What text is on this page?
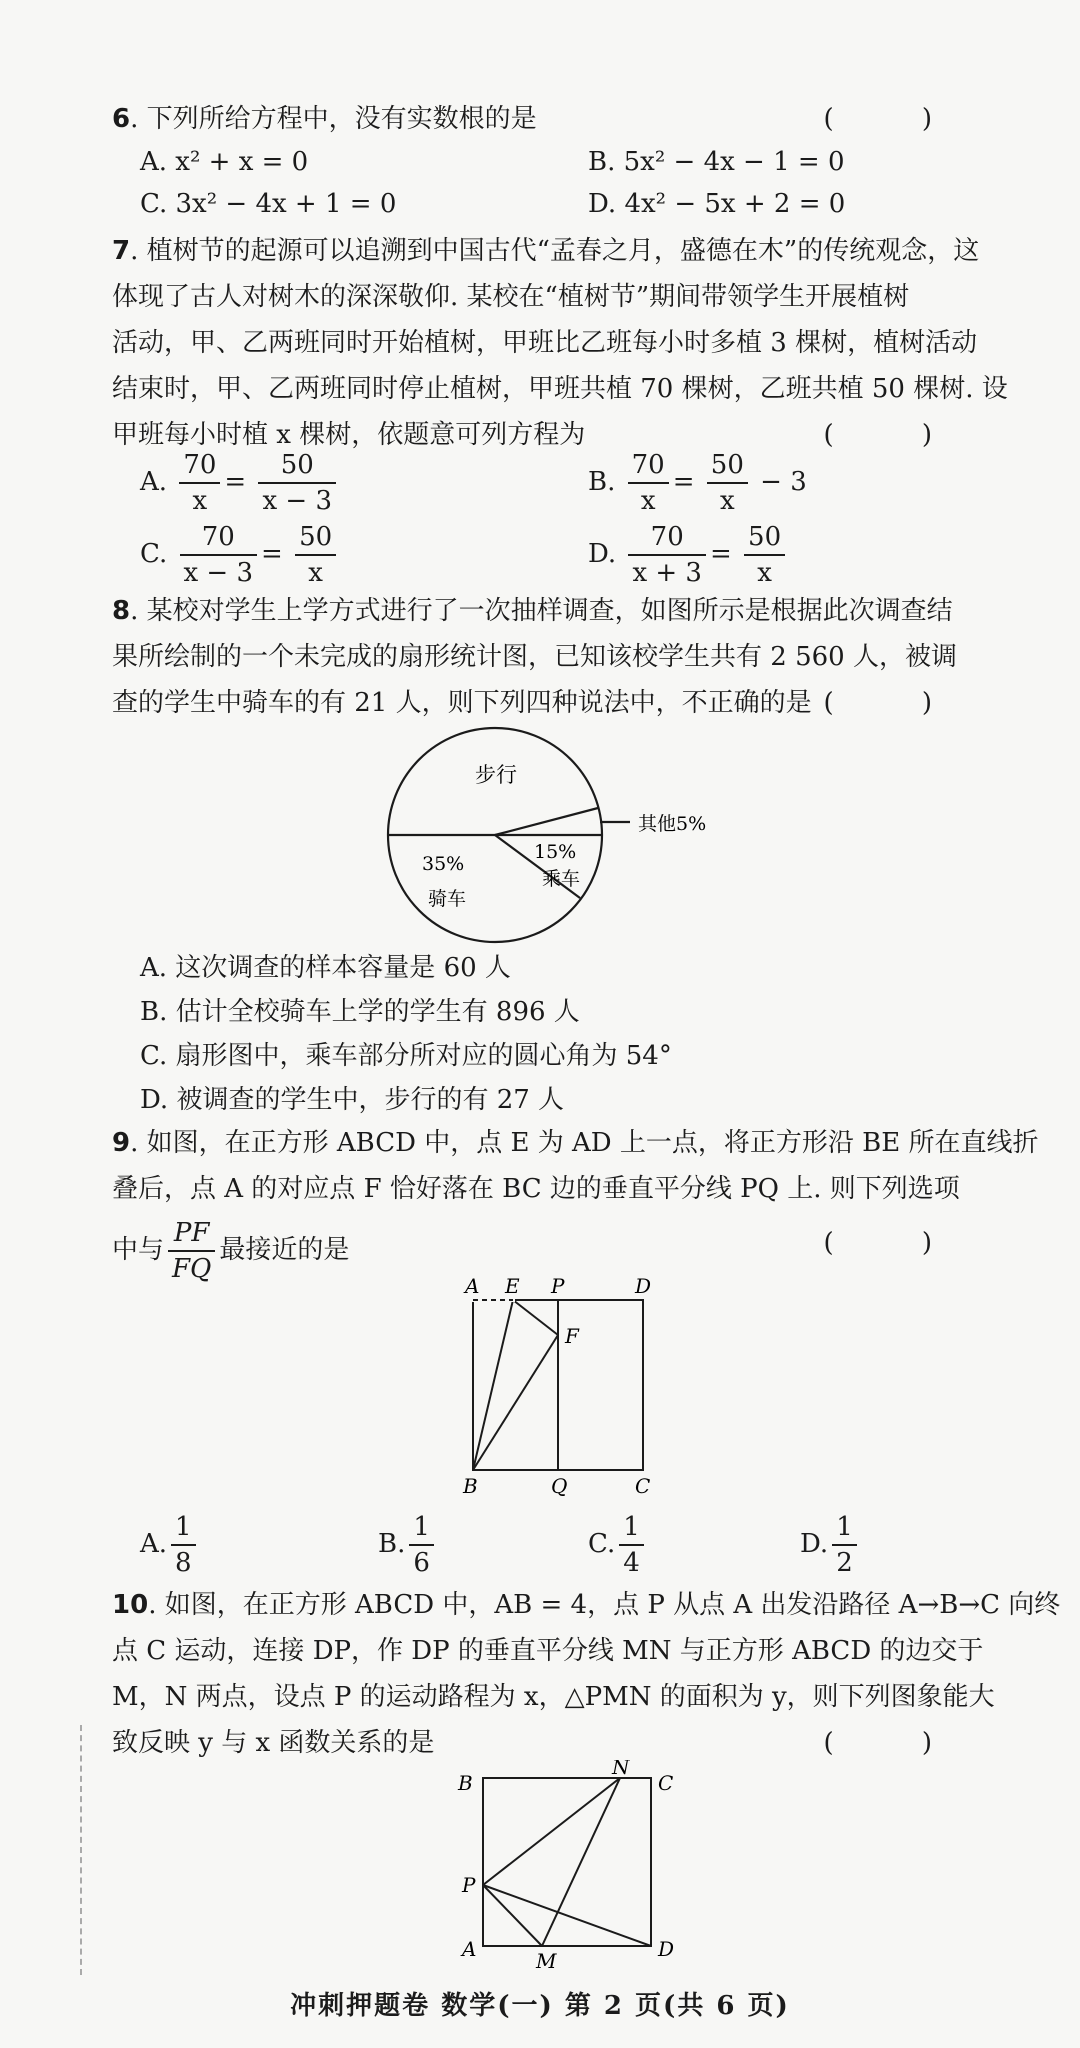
6. 下列所给方程中，没有实数根的是	( )
A. x² + x = 0	B. 5x² − 4x − 1 = 0
C. 3x² − 4x + 1 = 0	D. 4x² − 5x + 2 = 0
7. 植树节的起源可以追溯到中国古代“孟春之月，盛德在木”的传统观念，这
体现了古人对树木的深深敬仰. 某校在“植树节”期间带领学生开展植树
活动，甲、乙两班同时开始植树，甲班比乙班每小时多植 3 棵树，植树活动
结束时，甲、乙两班同时停止植树，甲班共植 70 棵树，乙班共植 50 棵树. 设
甲班每小时植 x 棵树，依题意可列方程为	( )
A. $\frac{70}{x} = \frac{50}{x - 3}$	B. $\frac{70}{x} = \frac{50}{x} - 3$
C. $\frac{70}{x - 3} = \frac{50}{x}$	D. $\frac{70}{x + 3} = \frac{50}{x}$
8. 某校对学生上学方式进行了一次抽样调查，如图所示是根据此次调查结
果所绘制的一个未完成的扇形统计图，已知该校学生共有 2 560 人，被调
查的学生中骑车的有 21 人，则下列四种说法中，不正确的是 ( )
步行
其他5%
15%
乘车
35%
骑车
A. 这次调查的样本容量是 60 人
B. 估计全校骑车上学的学生有 896 人
C. 扇形图中，乘车部分所对应的圆心角为 54°
D. 被调查的学生中，步行的有 27 人
9. 如图，在正方形 ABCD 中，点 E 为 AD 上一点，将正方形沿 BE 所在直线折
叠后，点 A 的对应点 F 恰好落在 BC 边的垂直平分线 PQ 上. 则下列选项
中与 $\frac{PF}{FQ}$ 最接近的是	( )
A E P	D
F
B	Q	C
A. $\frac{1}{8}$	B. $\frac{1}{6}$	C. $\frac{1}{4}$	D. $\frac{1}{2}$
10. 如图，在正方形 ABCD 中，AB = 4，点 P 从点 A 出发沿路径 A→B→C 向终
点 C 运动，连接 DP，作 DP 的垂直平分线 MN 与正方形 ABCD 的边交于
M，N 两点，设点 P 的运动路程为 x，△PMN 的面积为 y，则下列图象能大
致反映 y 与 x 函数关系的是	( )
B
N
C
P
A	M	D
冲刺押题卷 数学(一) 第 2 页(共 6 页)
